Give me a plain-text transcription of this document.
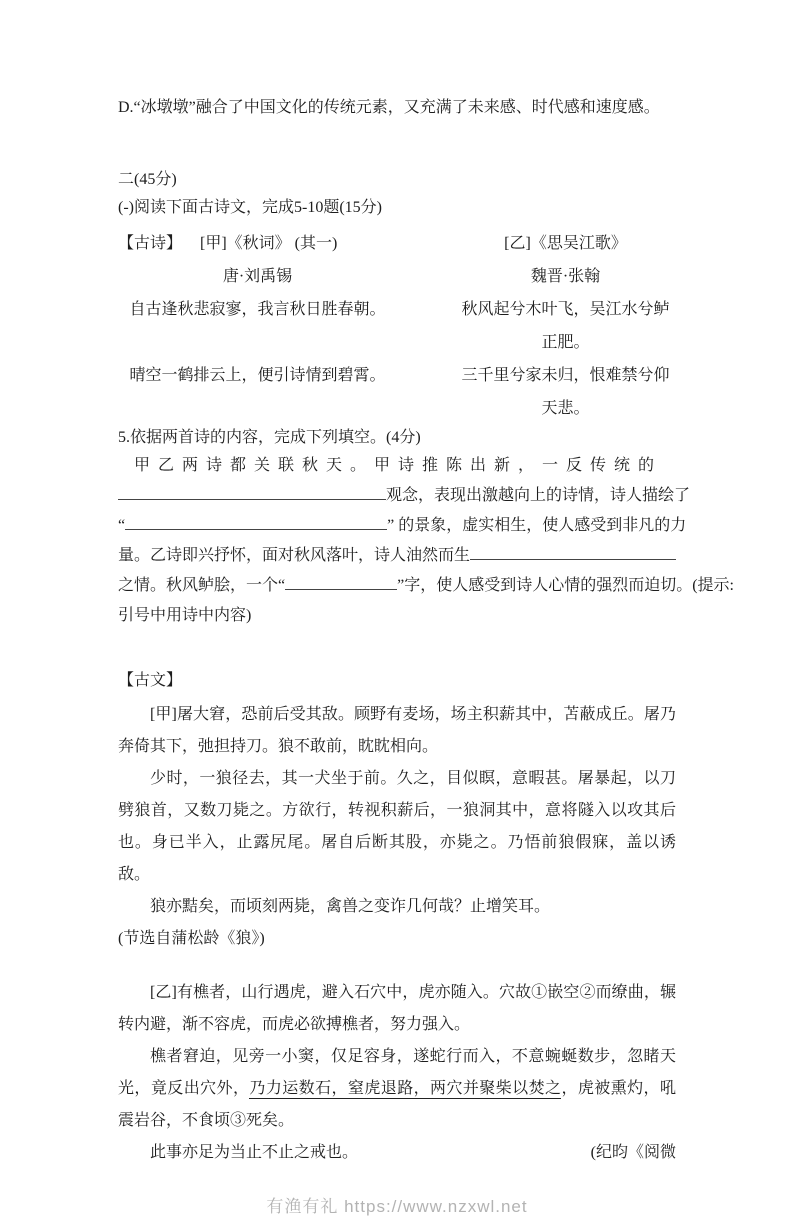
D.“冰墩墩”融合了中国文化的传统元素，又充满了未来感、时代感和速度感。
二(45分)
(-)阅读下面古诗文，完成5-10题(15分)
【古诗】 [甲]《秋词》 (其一)	[乙]《思吴江歌》
唐·刘禹锡	魏晋·张翰
自古逢秋悲寂寥，我言秋日胜春朝。	秋风起兮木叶飞，吴江水兮鲈正肥。
晴空一鹤排云上，便引诗情到碧霄。	三千里兮家未归，恨难禁兮仰天悲。
5.依据两首诗的内容，完成下列填空。(4分)
甲乙两诗都关联秋天。甲诗推陈出新，一反传统的
观念，表现出激越向上的诗情，诗人描绘了
“	” 的景象，虚实相生，使人感受到非凡的力
量。乙诗即兴抒怀，面对秋风落叶，诗人油然而生
之情。秋风鲈脍，一个“	”字，使人感受到诗人心情的强烈而迫切。(提示:
引号中用诗中内容)
【古文】

[甲]屠大窘，恐前后受其敌。顾野有麦场，场主积薪其中，苫蔽成丘。屠乃奔倚其下，弛担持刀。狼不敢前，眈眈相向。

少时，一狼径去，其一犬坐于前。久之，目似瞑，意暇甚。屠暴起，以刀劈狼首，又数刀毙之。方欲行，转视积薪后，一狼洞其中，意将隧入以攻其后也。身已半入，止露尻尾。屠自后断其股，亦毙之。乃悟前狼假寐，盖以诱敌。

狼亦黠矣，而顷刻两毙，禽兽之变诈几何哉？止增笑耳。

(节选自蒲松龄《狼》)

[乙]有樵者，山行遇虎，避入石穴中，虎亦随入。穴故①嵌空②而缭曲，辗转内避，渐不容虎，而虎必欲搏樵者，努力强入。

樵者窘迫，见旁一小窦，仅足容身，遂蛇行而入，不意蜿蜒数步，忽睹天光，竟反出穴外，乃力运数石，窒虎退路，两穴并聚柴以焚之，虎被熏灼，吼震岩谷，不食顷③死矣。

此事亦足为当止不止之戒也。	(纪昀《阅微
有渔有礼 https://www.nzxwl.net
